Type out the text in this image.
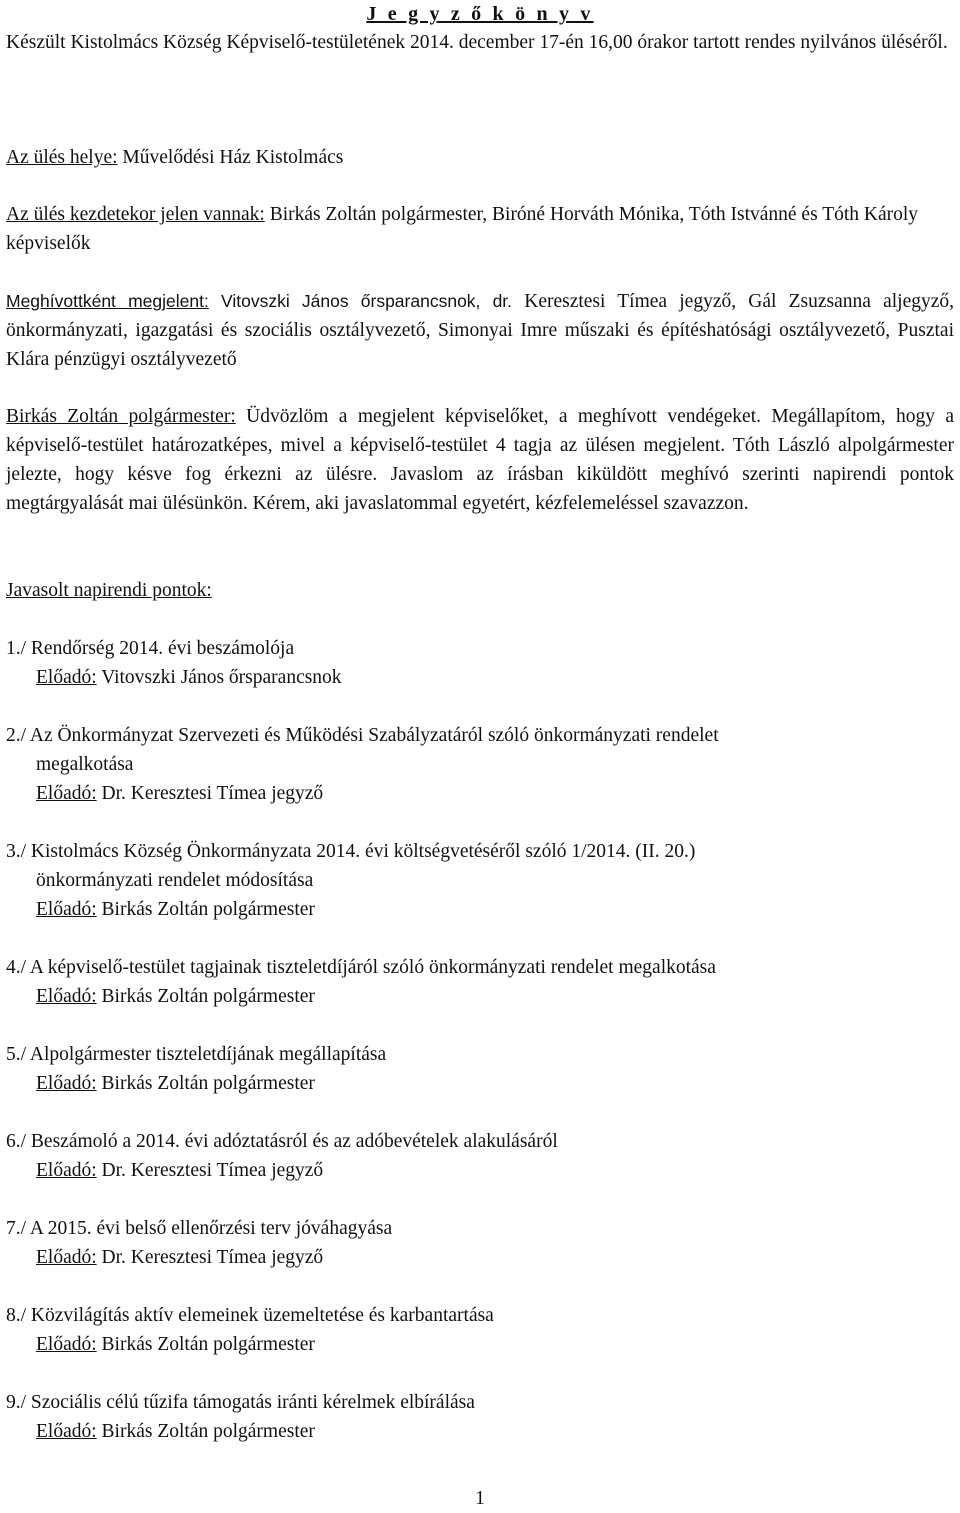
J e g y z ő k ö n y v

Készült Kistolmács Község Képviselő-testületének 2014. december 17-én 16,00 órakor tartott rendes nyilvános üléséről.

Az ülés helye: Művelődési Ház Kistolmács
Az ülés kezdetekor jelen vannak: Birkás Zoltán polgármester, Biróné Horváth Mónika, Tóth Istvánné és Tóth Károly képviselők
Meghívottként megjelent: Vitovszki János őrsparancsnok, dr. Keresztesi Tímea jegyző, Gál Zsuzsanna aljegyző, önkormányzati, igazgatási és szociális osztályvezető, Simonyai Imre műszaki és építéshatósági osztályvezető, Pusztai Klára pénzügyi osztályvezető
Birkás Zoltán polgármester: Üdvözlöm a megjelent képviselőket, a meghívott vendégeket. Megállapítom, hogy a képviselő-testület határozatképes, mivel a képviselő-testület 4 tagja az ülésen megjelent. Tóth László alpolgármester jelezte, hogy késve fog érkezni az ülésre. Javaslom az írásban kiküldött meghívó szerinti napirendi pontok megtárgyalását mai ülésünkön. Kérem, aki javaslatommal egyetért, kézfelemeléssel szavazzon.
Javasolt napirendi pontok:

1./ Rendőrség 2014. évi beszámolója

Előadó: Vitovszki János őrsparancsnok

2./ Az Önkormányzat Szervezeti és Működési Szabályzatáról szóló önkormányzati rendelet

megalkotása

Előadó: Dr. Keresztesi Tímea jegyző

3./ Kistolmács Község Önkormányzata 2014. évi költségvetéséről szóló 1/2014. (II. 20.)

önkormányzati rendelet módosítása

Előadó: Birkás Zoltán polgármester

4./ A képviselő-testület tagjainak tiszteletdíjáról szóló önkormányzati rendelet megalkotása

Előadó: Birkás Zoltán polgármester

5./ Alpolgármester tiszteletdíjának megállapítása

Előadó: Birkás Zoltán polgármester

6./ Beszámoló a 2014. évi adóztatásról és az adóbevételek alakulásáról

Előadó: Dr. Keresztesi Tímea jegyző

7./ A 2015. évi belső ellenőrzési terv jóváhagyása

Előadó: Dr. Keresztesi Tímea jegyző

8./ Közvilágítás aktív elemeinek üzemeltetése és karbantartása

Előadó: Birkás Zoltán polgármester

9./ Szociális célú tűzifa támogatás iránti kérelmek elbírálása

Előadó: Birkás Zoltán polgármester

1
